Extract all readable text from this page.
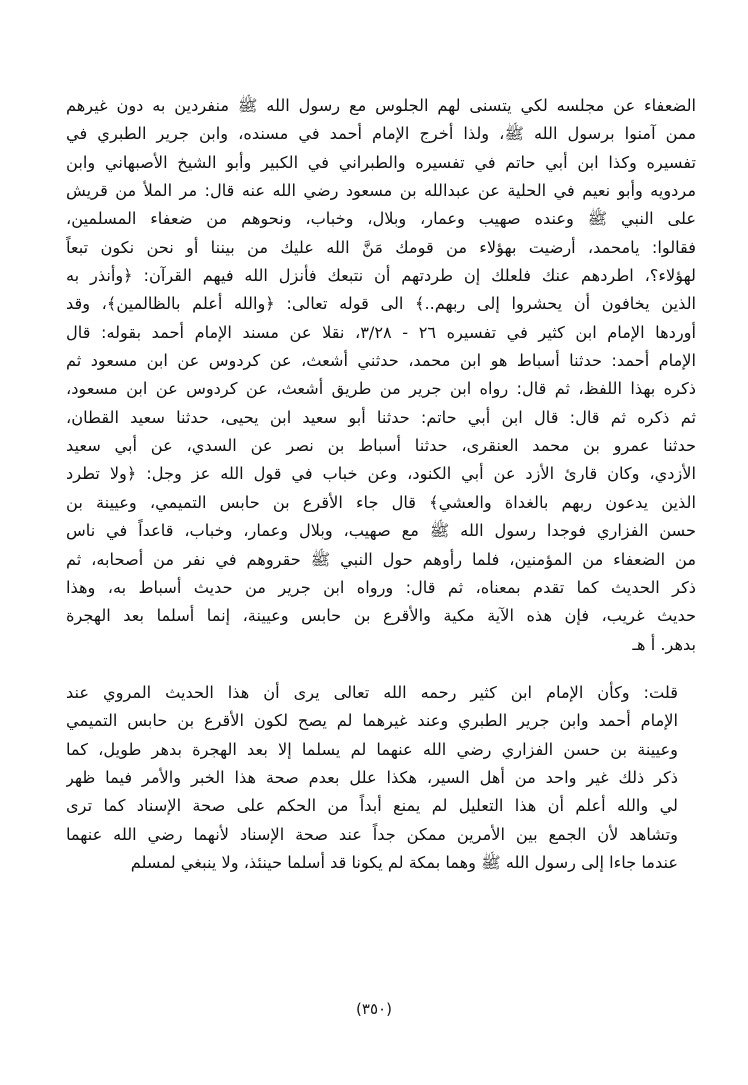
الضعفاء عن مجلسه لكي يتسنى لهم الجلوس مع رسول الله ﷺ منفردين به دون غيرهم
ممن آمنوا برسول الله ﷺ، ولذا أخرج الإمام أحمد في مسنده، وابن جرير الطبري في
تفسيره وكذا ابن أبي حاتم في تفسيره والطبراني في الكبير وأبو الشيخ الأصبهاني وابن
مردويه وأبو نعيم في الحلية عن عبدالله بن مسعود رضي الله عنه قال: مر الملأ من قريش
على النبي ﷺ وعنده صهيب وعمار، وبلال، وخباب، ونحوهم من ضعفاء المسلمين،
فقالوا: يامحمد، أرضيت بهؤلاء من قومك مَنَّ الله عليك من بيننا أو نحن نكون تبعاً
لهؤلاء؟، اطردهم عنك فلعلك إن طردتهم أن نتبعك فأنزل الله فيهم القرآن: ﴿وأنذر به
الذين يخافون أن يحشروا إلى ربهم..﴾ الى قوله تعالى: ﴿والله أعلم بالظالمين﴾، وقد
أوردها الإمام ابن كثير في تفسيره ٢٦ - ٣/٢٨، نقلا عن مسند الإمام أحمد بقوله: قال
الإمام أحمد: حدثنا أسباط هو ابن محمد، حدثني أشعث، عن كردوس عن ابن مسعود ثم
ذكره بهذا اللفظ، ثم قال: رواه ابن جرير من طريق أشعث، عن كردوس عن ابن مسعود،
ثم ذكره ثم قال: قال ابن أبي حاتم: حدثنا أبو سعيد ابن يحيى، حدثنا سعيد القطان،
حدثنا عمرو بن محمد العنقرى، حدثنا أسباط بن نصر عن السدي، عن أبي سعيد
الأزدي، وكان قارئ الأزد عن أبي الكنود، وعن خباب في قول الله عز وجل: ﴿ولا تطرد
الذين يدعون ربهم بالغداة والعشي﴾ قال جاء الأقرع بن حابس التميمي، وعيينة بن
حسن الفزاري فوجدا رسول الله ﷺ مع صهيب، وبلال وعمار، وخباب، قاعداً في ناس
من الضعفاء من المؤمنين، فلما رأوهم حول النبي ﷺ حقروهم في نفر من أصحابه، ثم
ذكر الحديث كما تقدم بمعناه، ثم قال: ورواه ابن جرير من حديث أسباط به، وهذا
حديث غريب، فإن هذه الآية مكية والأقرع بن حابس وعيينة، إنما أسلما بعد الهجرة
بدهر. أ هـ

قلت: وكأن الإمام ابن كثير رحمه الله تعالى يرى أن هذا الحديث المروي عند
الإمام أحمد وابن جرير الطبري وعند غيرهما لم يصح لكون الأقرع بن حابس التميمي
وعيينة بن حسن الفزاري رضي الله عنهما لم يسلما إلا بعد الهجرة بدهر طويل، كما
ذكر ذلك غير واحد من أهل السير، هكذا علل بعدم صحة هذا الخبر والأمر فيما ظهر
لي والله أعلم أن هذا التعليل لم يمنع أبداً من الحكم على صحة الإسناد كما ترى
وتشاهد لأن الجمع بين الأمرين ممكن جداً عند صحة الإسناد لأنهما رضي الله عنهما
عندما جاءا إلى رسول الله ﷺ وهما بمكة لم يكونا قد أسلما حينئذ، ولا ينبغي لمسلم

(٣٥٠)
